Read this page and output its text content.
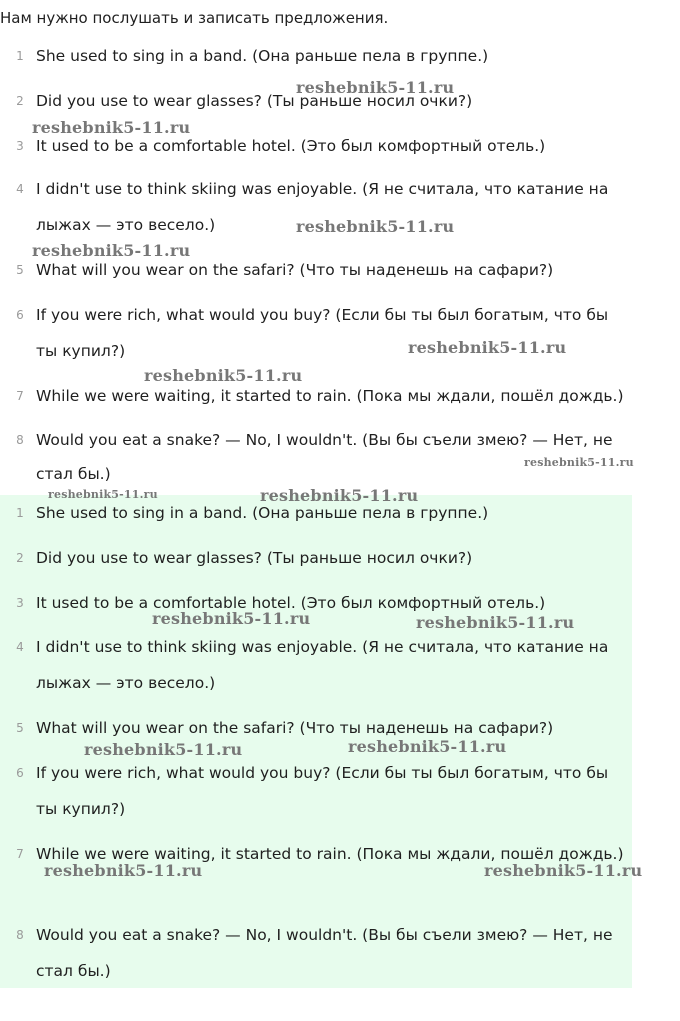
Нам нужно послушать и записать предложения.
1 She used to sing in a band. (Она раньше пела в группе.)
2 Did you use to wear glasses? (Ты раньше носил очки?)
3 It used to be a comfortable hotel. (Это был комфортный отель.)
4 I didn't use to think skiing was enjoyable. (Я не считала, что катание на лыжах — это весело.)
5 What will you wear on the safari? (Что ты наденешь на сафари?)
6 If you were rich, what would you buy? (Если бы ты был богатым, что бы ты купил?)
7 While we were waiting, it started to rain. (Пока мы ждали, пошёл дождь.)
8 Would you eat a snake? — No, I wouldn't. (Вы бы съели змею? — Нет, не стал бы.)
1 She used to sing in a band. (Она раньше пела в группе.)
2 Did you use to wear glasses? (Ты раньше носил очки?)
3 It used to be a comfortable hotel. (Это был комфортный отель.)
4 I didn't use to think skiing was enjoyable. (Я не считала, что катание на лыжах — это весело.)
5 What will you wear on the safari? (Что ты наденешь на сафари?)
6 If you were rich, what would you buy? (Если бы ты был богатым, что бы ты купил?)
7 While we were waiting, it started to rain. (Пока мы ждали, пошёл дождь.)
8 Would you eat a snake? — No, I wouldn't. (Вы бы съели змею? — Нет, не стал бы.)
reshebnik5-11.ru
reshebnik5-11.ru
reshebnik5-11.ru
reshebnik5-11.ru
reshebnik5-11.ru
reshebnik5-11.ru
reshebnik5-11.ru
reshebnik5-11.ru	reshebnik5-11.ru
reshebnik5-11.ru	reshebnik5-11.ru
reshebnik5-11.ru	reshebnik5-11.ru
reshebnik5-11.ru	reshebnik5-11.ru
